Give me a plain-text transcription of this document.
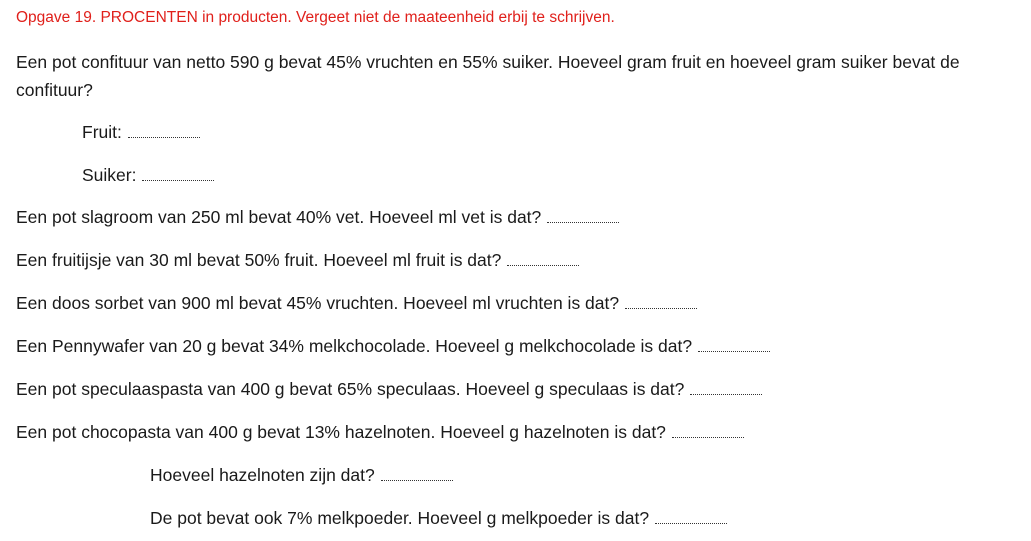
Opgave 19. PROCENTEN in producten. Vergeet niet de maateenheid erbij te schrijven.
Een pot confituur van netto 590 g bevat 45% vruchten en 55% suiker. Hoeveel gram fruit en hoeveel gram suiker bevat de confituur?
Fruit:
Suiker:
Een pot slagroom van 250 ml bevat 40% vet. Hoeveel ml vet is dat?
Een fruitijsje van 30 ml bevat 50% fruit. Hoeveel ml fruit is dat?
Een doos sorbet van 900 ml bevat 45% vruchten. Hoeveel ml vruchten is dat?
Een Pennywafer van 20 g bevat 34% melkchocolade. Hoeveel g melkchocolade is dat?
Een pot speculaaspasta van 400 g bevat 65% speculaas. Hoeveel g speculaas is dat?
Een pot chocopasta van 400 g bevat 13% hazelnoten. Hoeveel g hazelnoten is dat?
Hoeveel hazelnoten zijn dat?
De pot bevat ook 7% melkpoeder. Hoeveel g melkpoeder is dat?
